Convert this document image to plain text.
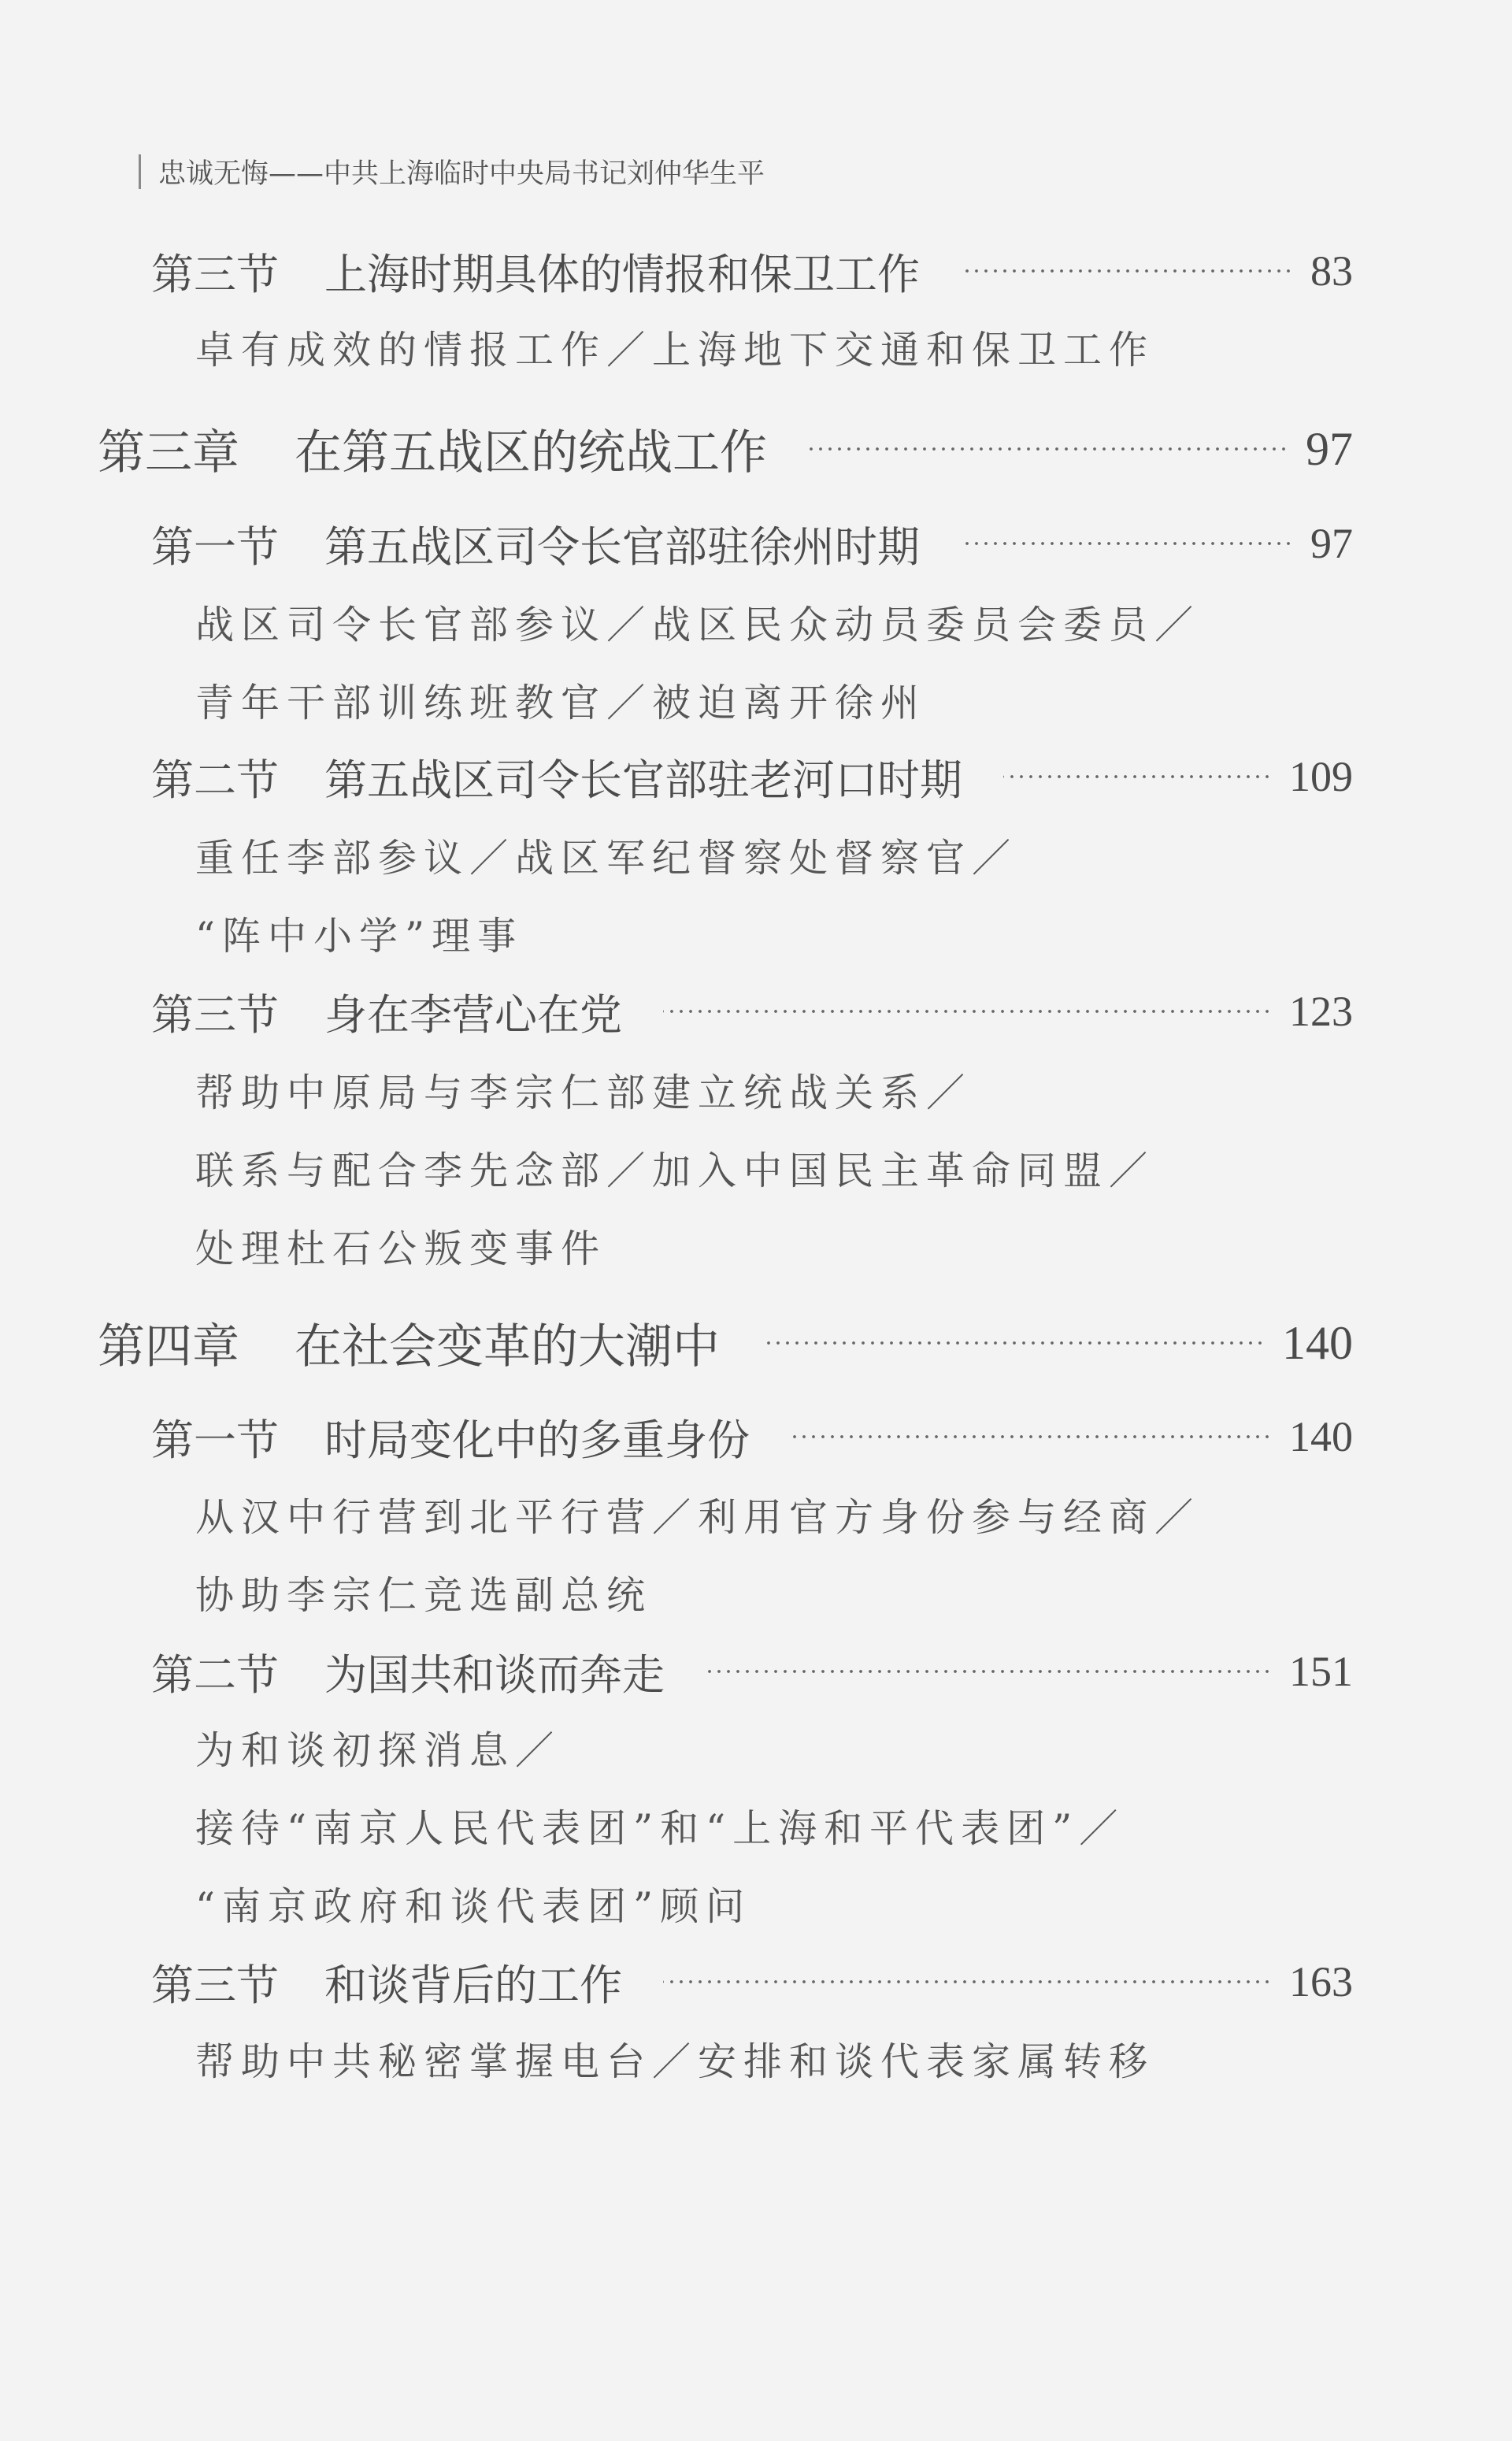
忠诚无悔——中共上海临时中央局书记刘仲华生平
第三节 上海时期具体的情报和保卫工作	83
卓有成效的情报工作／上海地下交通和保卫工作
第三章 在第五战区的统战工作	97
第一节 第五战区司令长官部驻徐州时期	97
战区司令长官部参议／战区民众动员委员会委员／
青年干部训练班教官／被迫离开徐州
第二节 第五战区司令长官部驻老河口时期	109
重任李部参议／战区军纪督察处督察官／
“阵中小学”理事
第三节 身在李营心在党	123
帮助中原局与李宗仁部建立统战关系／
联系与配合李先念部／加入中国民主革命同盟／
处理杜石公叛变事件
第四章 在社会变革的大潮中	140
第一节 时局变化中的多重身份	140
从汉中行营到北平行营／利用官方身份参与经商／
协助李宗仁竞选副总统
第二节 为国共和谈而奔走	151
为和谈初探消息／
接待“南京人民代表团”和“上海和平代表团”／
“南京政府和谈代表团”顾问
第三节 和谈背后的工作	163
帮助中共秘密掌握电台／安排和谈代表家属转移
